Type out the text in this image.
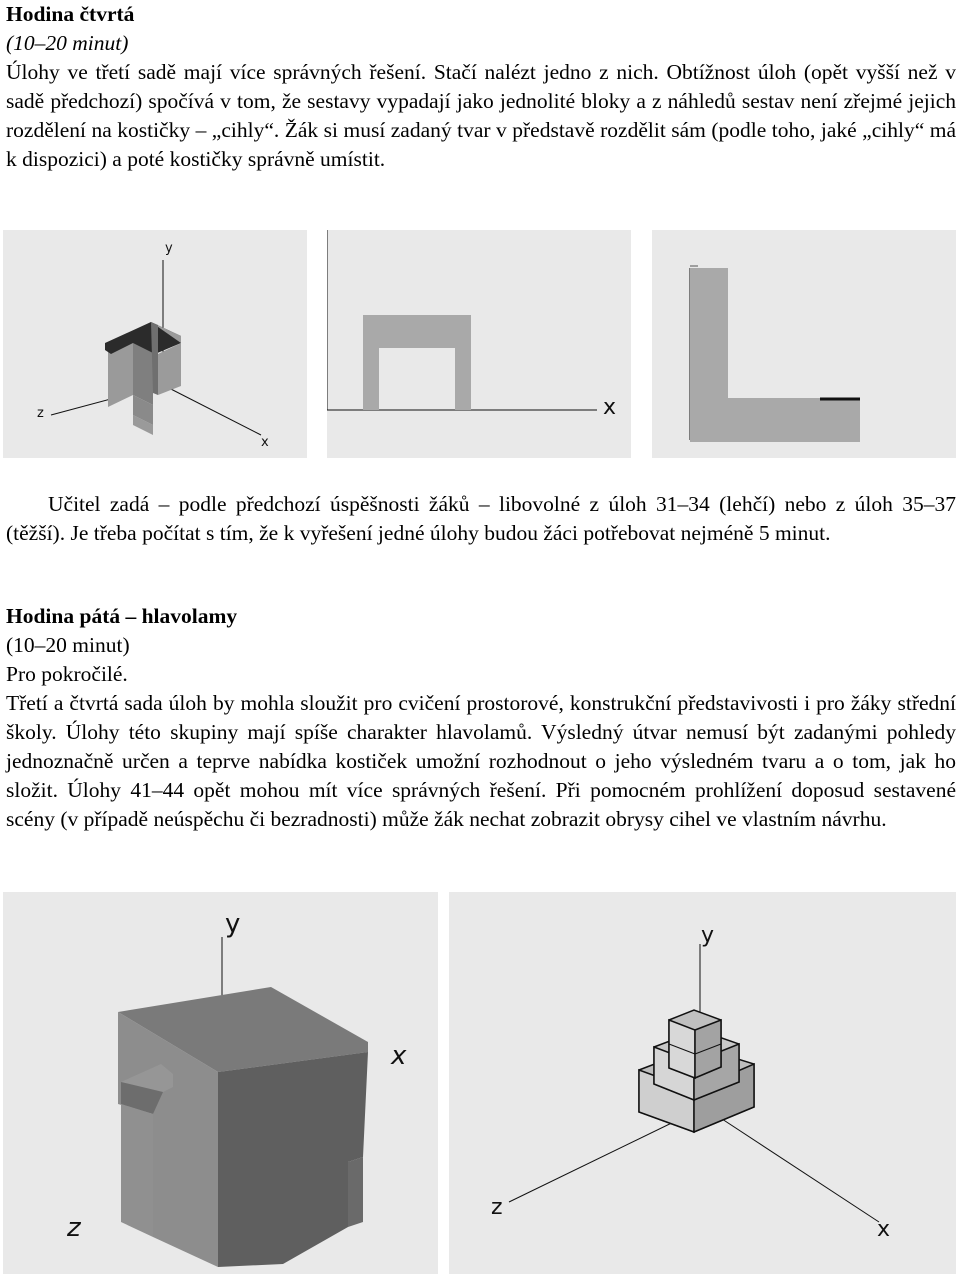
Hodina čtvrtá

(10–20 minut)

Úlohy ve třetí sadě mají více správných řešení. Stačí nalézt jedno z nich. Obtížnost úloh (opět vyšší než v sadě předchozí) spočívá v tom, že sestavy vypadají jako jednolité bloky a z náhledů sestav není zřejmé jejich rozdělení na kostičky – „cihly“. Žák si musí zadaný tvar v představě rozdělit sám (podle toho, jaké „cihly“ má k dispozici) a poté kostičky správně umístit.

y
z
x
x

Učitel zadá – podle předchozí úspěšnosti žáků – libovolné z úloh 31–34 (lehčí) nebo z úloh 35–37 (těžší). Je třeba počítat s tím, že k vyřešení jedné úlohy budou žáci potřebovat nejméně 5 minut.

Hodina pátá – hlavolamy

(10–20 minut)

Pro pokročilé.

Třetí a čtvrtá sada úloh by mohla sloužit pro cvičení prostorové, konstrukční představivosti i pro žáky střední školy. Úlohy této skupiny mají spíše charakter hlavolamů. Výsledný útvar nemusí být zadanými pohledy jednoznačně určen a teprve nabídka kostiček umožní rozhodnout o jeho výsledném tvaru a o tom, jak ho složit. Úlohy 41–44 opět mohou mít více správných řešení. Při pomocném prohlížení doposud sestavené scény (v případě neúspěchu či bezradnosti) může žák nechat zobrazit obrysy cihel ve vlastním návrhu.

y
x
z
y
z
x
